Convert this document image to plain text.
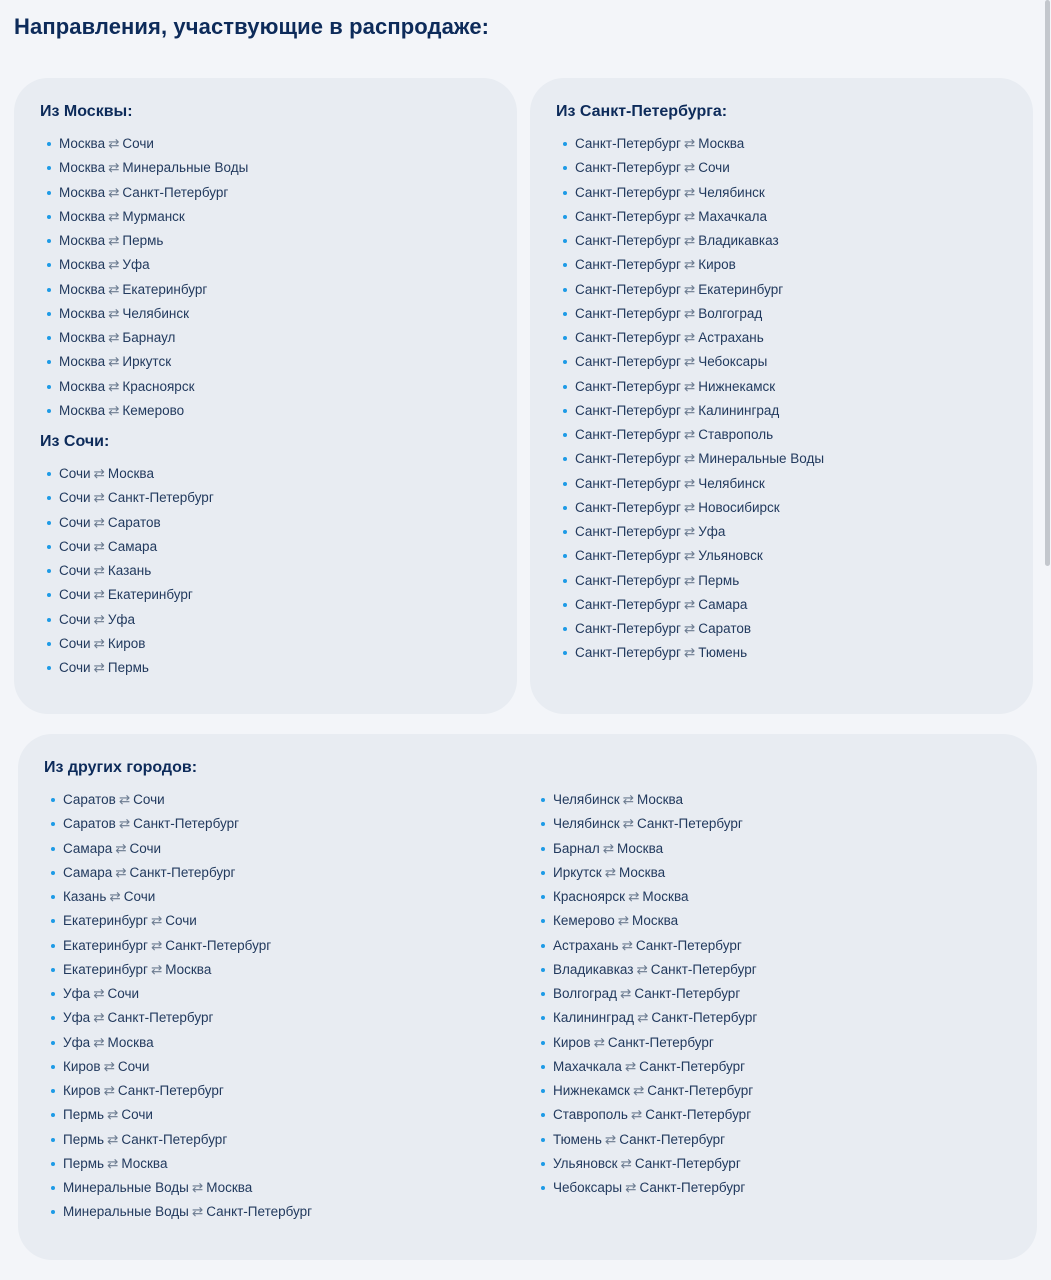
Направления, участвующие в распродаже:
Из Москвы:
Москва ⇄ Сочи
Москва ⇄ Минеральные Воды
Москва ⇄ Санкт-Петербург
Москва ⇄ Мурманск
Москва ⇄ Пермь
Москва ⇄ Уфа
Москва ⇄ Екатеринбург
Москва ⇄ Челябинск
Москва ⇄ Барнаул
Москва ⇄ Иркутск
Москва ⇄ Красноярск
Москва ⇄ Кемерово
Из Сочи:
Сочи ⇄ Москва
Сочи ⇄ Санкт-Петербург
Сочи ⇄ Саратов
Сочи ⇄ Самара
Сочи ⇄ Казань
Сочи ⇄ Екатеринбург
Сочи ⇄ Уфа
Сочи ⇄ Киров
Сочи ⇄ Пермь
Из Санкт-Петербурга:
Санкт-Петербург ⇄ Москва
Санкт-Петербург ⇄ Сочи
Санкт-Петербург ⇄ Челябинск
Санкт-Петербург ⇄ Махачкала
Санкт-Петербург ⇄ Владикавказ
Санкт-Петербург ⇄ Киров
Санкт-Петербург ⇄ Екатеринбург
Санкт-Петербург ⇄ Волгоград
Санкт-Петербург ⇄ Астрахань
Санкт-Петербург ⇄ Чебоксары
Санкт-Петербург ⇄ Нижнекамск
Санкт-Петербург ⇄ Калининград
Санкт-Петербург ⇄ Ставрополь
Санкт-Петербург ⇄ Минеральные Воды
Санкт-Петербург ⇄ Челябинск
Санкт-Петербург ⇄ Новосибирск
Санкт-Петербург ⇄ Уфа
Санкт-Петербург ⇄ Ульяновск
Санкт-Петербург ⇄ Пермь
Санкт-Петербург ⇄ Самара
Санкт-Петербург ⇄ Саратов
Санкт-Петербург ⇄ Тюмень
Из других городов:
Саратов ⇄ Сочи
Саратов ⇄ Санкт-Петербург
Самара ⇄ Сочи
Самара ⇄ Санкт-Петербург
Казань ⇄ Сочи
Екатеринбург ⇄ Сочи
Екатеринбург ⇄ Санкт-Петербург
Екатеринбург ⇄ Москва
Уфа ⇄ Сочи
Уфа ⇄ Санкт-Петербург
Уфа ⇄ Москва
Киров ⇄ Сочи
Киров ⇄ Санкт-Петербург
Пермь ⇄ Сочи
Пермь ⇄ Санкт-Петербург
Пермь ⇄ Москва
Минеральные Воды ⇄ Москва
Минеральные Воды ⇄ Санкт-Петербург
Челябинск ⇄ Москва
Челябинск ⇄ Санкт-Петербург
Барнал ⇄ Москва
Иркутск ⇄ Москва
Красноярск ⇄ Москва
Кемерово ⇄ Москва
Астрахань ⇄ Санкт-Петербург
Владикавказ ⇄ Санкт-Петербург
Волгоград ⇄ Санкт-Петербург
Калининград ⇄ Санкт-Петербург
Киров ⇄ Санкт-Петербург
Махачкала ⇄ Санкт-Петербург
Нижнекамск ⇄ Санкт-Петербург
Ставрополь ⇄ Санкт-Петербург
Тюмень ⇄ Санкт-Петербург
Ульяновск ⇄ Санкт-Петербург
Чебоксары ⇄ Санкт-Петербург
